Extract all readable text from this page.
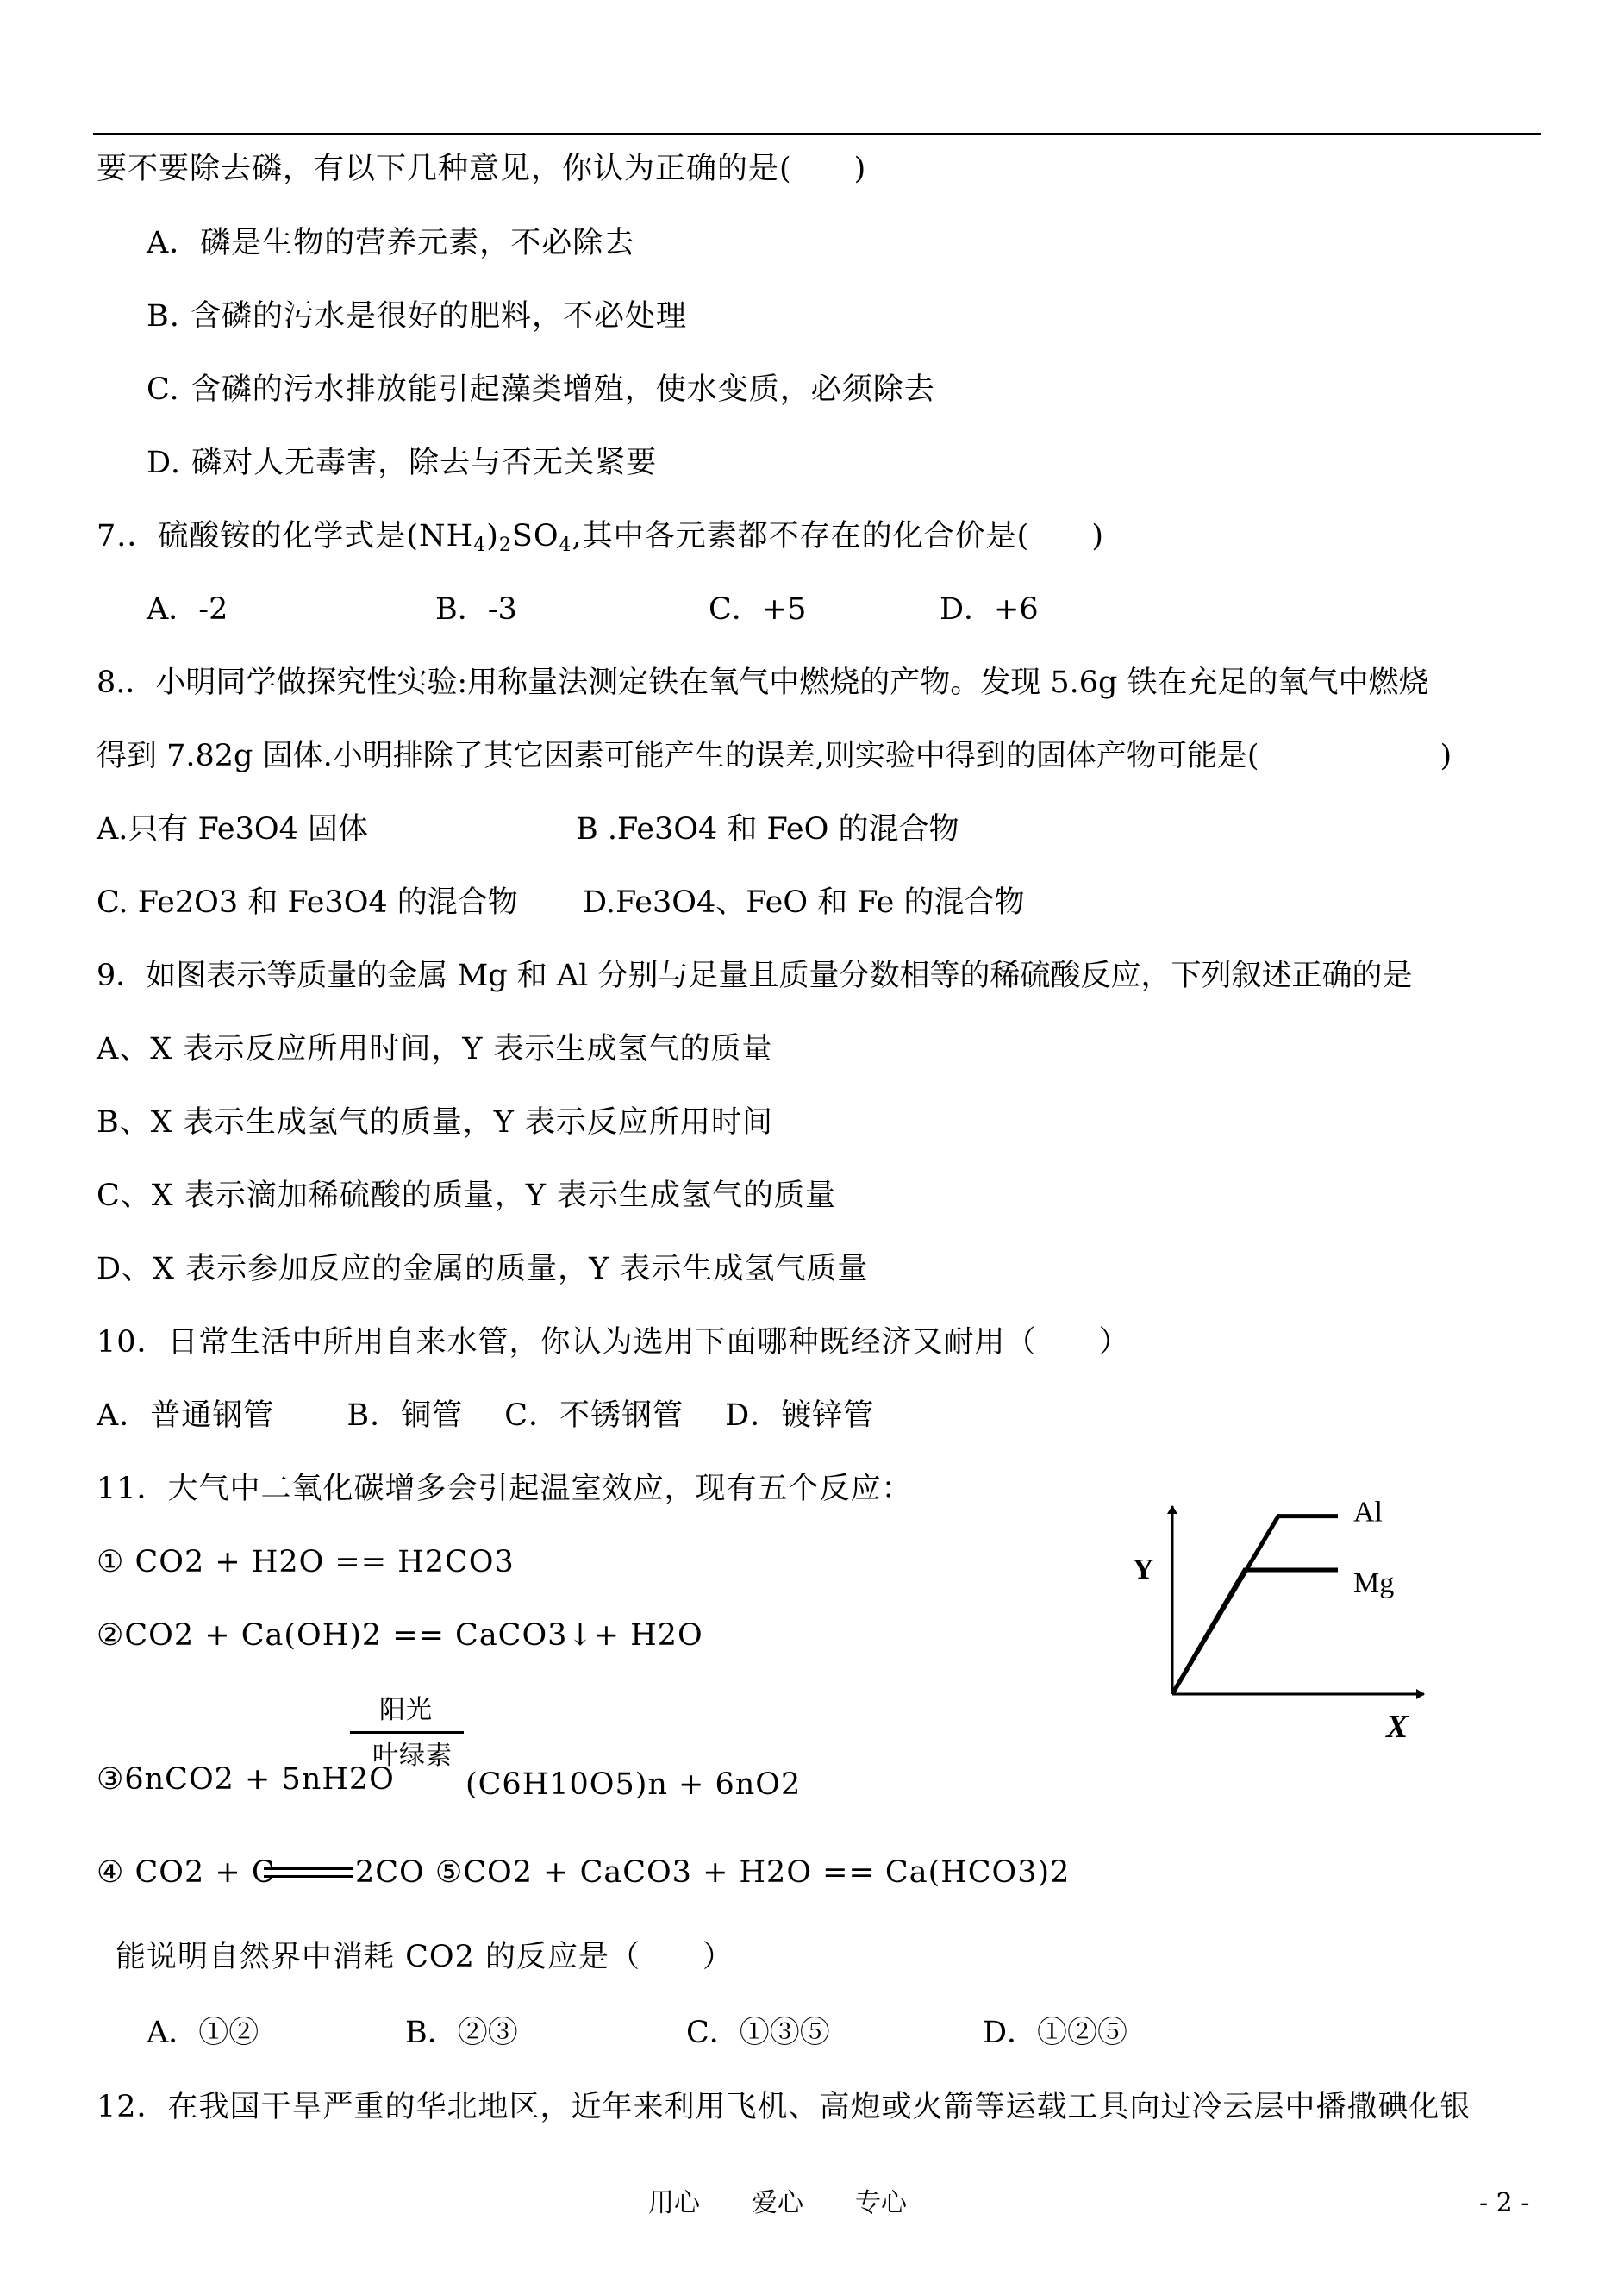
要不要除去磷，有以下几种意见，你认为正确的是(　　)
A．磷是生物的营养元素，不必除去
B. 含磷的污水是很好的肥料，不必处理
C. 含磷的污水排放能引起藻类增殖，使水变质，必须除去
D. 磷对人无毒害，除去与否无关紧要
7.．硫酸铵的化学式是$(NH_4)_2SO_4$,其中各元素都不存在的化合价是(　　)
A．-2	B．-3	C．+5	D．+6
8.．小明同学做探究性实验:用称量法测定铁在氧气中燃烧的产物。发现 5.6g 铁在充足的氧气中燃烧
得到 7.82g 固体.小明排除了其它因素可能产生的误差,则实验中得到的固体产物可能是(　　　　　　)
A.只有 Fe3O4 固体	B .Fe3O4 和 FeO 的混合物
C. Fe2O3 和 Fe3O4 的混合物 D.Fe3O4、FeO 和 Fe 的混合物
9．如图表示等质量的金属 Mg 和 Al 分别与足量且质量分数相等的稀硫酸反应，下列叙述正确的是
A、X 表示反应所用时间，Y 表示生成氢气的质量
B、X 表示生成氢气的质量，Y 表示反应所用时间
C、X 表示滴加稀硫酸的质量，Y 表示生成氢气的质量
D、X 表示参加反应的金属的质量，Y 表示生成氢气质量
10．日常生活中所用自来水管，你认为选用下面哪种既经济又耐用（　　）
A．普通钢管　　 B．铜管　 C．不锈钢管　 D．镀锌管
11．大气中二氧化碳增多会引起温室效应，现有五个反应：
① CO2 + H2O == H2CO3
②CO2 + Ca(OH)2 == CaCO3↓+ H2O
③6nCO2 + 5nH2O
阳光
叶绿素
(C6H10O5)n + 6nO2
④ CO2 + C	2CO ⑤CO2 + CaCO3 + H2O == Ca(HCO3)2
能说明自然界中消耗 CO2 的反应是（　　）
A．①②	B．②③	C．①③⑤	D．①②⑤
12．在我国干旱严重的华北地区，近年来利用飞机、高炮或火箭等运载工具向过冷云层中播撒碘化银
Y
X
Al
Mg
用心　　爱心　　专心	- 2 -
